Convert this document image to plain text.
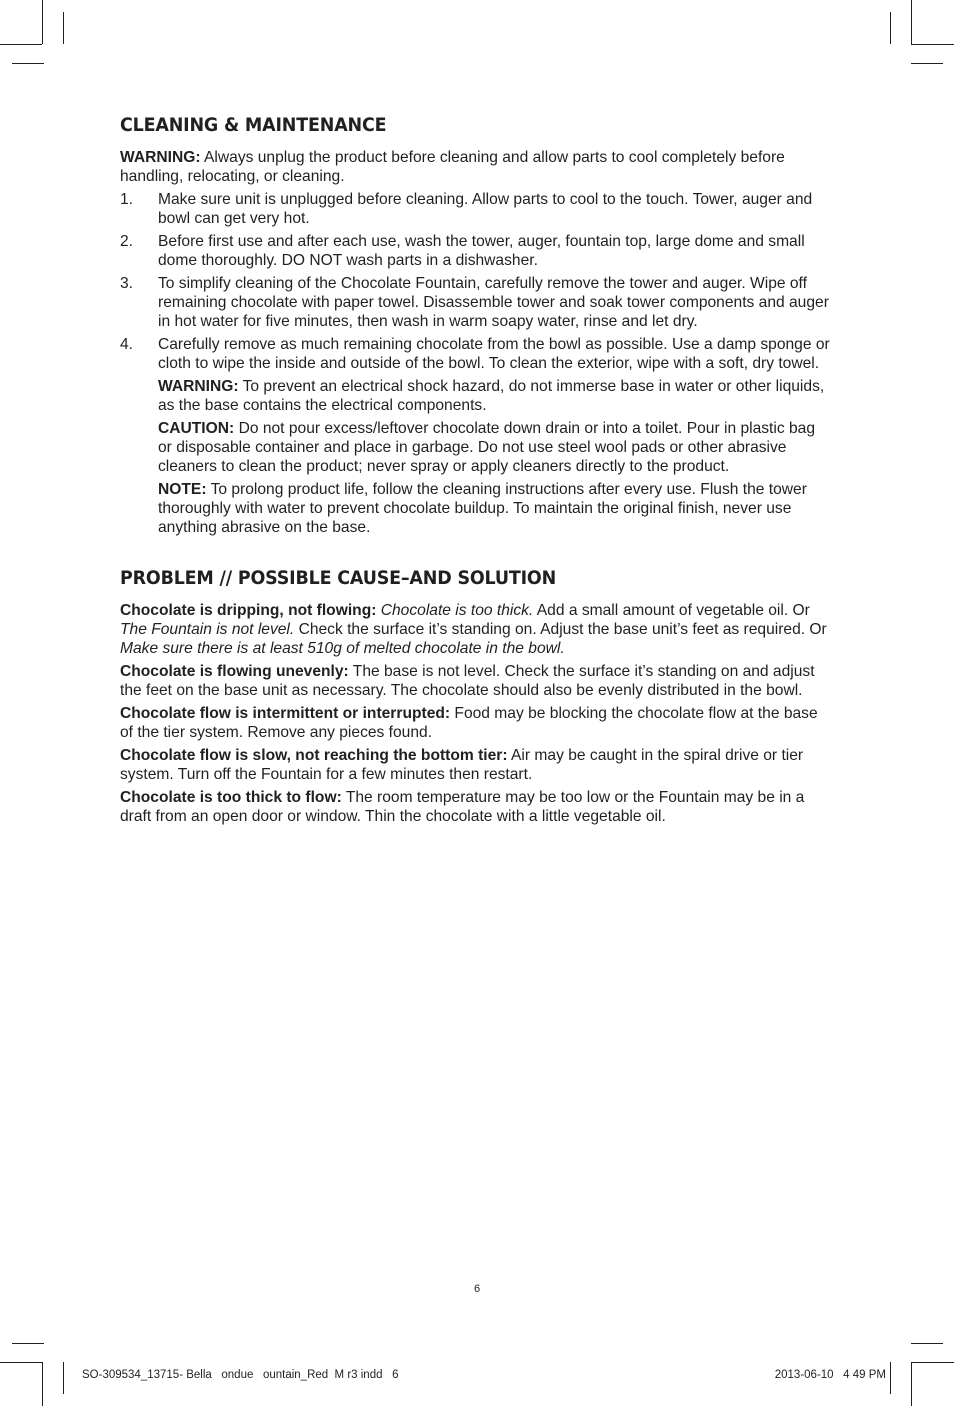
CLEANING & MAINTENANCE
WARNING: Always unplug the product before cleaning and allow parts to cool completely before handling, relocating, or cleaning.
1. Make sure unit is unplugged before cleaning. Allow parts to cool to the touch. Tower, auger and bowl can get very hot.
2. Before first use and after each use, wash the tower, auger, fountain top, large dome and small dome thoroughly. DO NOT wash parts in a dishwasher.
3. To simplify cleaning of the Chocolate Fountain, carefully remove the tower and auger. Wipe off remaining chocolate with paper towel. Disassemble tower and soak tower components and auger in hot water for five minutes, then wash in warm soapy water, rinse and let dry.
4. Carefully remove as much remaining chocolate from the bowl as possible. Use a damp sponge or cloth to wipe the inside and outside of the bowl. To clean the exterior, wipe with a soft, dry towel.
WARNING: To prevent an electrical shock hazard, do not immerse base in water or other liquids, as the base contains the electrical components.
CAUTION: Do not pour excess/leftover chocolate down drain or into a toilet. Pour in plastic bag or disposable container and place in garbage. Do not use steel wool pads or other abrasive cleaners to clean the product; never spray or apply cleaners directly to the product.
NOTE: To prolong product life, follow the cleaning instructions after every use. Flush the tower thoroughly with water to prevent chocolate buildup. To maintain the original finish, never use anything abrasive on the base.
PROBLEM // POSSIBLE CAUSE–AND SOLUTION
Chocolate is dripping, not flowing: Chocolate is too thick. Add a small amount of vegetable oil. Or The Fountain is not level. Check the surface it’s standing on. Adjust the base unit’s feet as required. Or Make sure there is at least 510g of melted chocolate in the bowl.
Chocolate is flowing unevenly: The base is not level. Check the surface it’s standing on and adjust the feet on the base unit as necessary. The chocolate should also be evenly distributed in the bowl.
Chocolate flow is intermittent or interrupted: Food may be blocking the chocolate flow at the base of the tier system. Remove any pieces found.
Chocolate flow is slow, not reaching the bottom tier: Air may be caught in the spiral drive or tier system. Turn off the Fountain for a few minutes then restart.
Chocolate is too thick to flow: The room temperature may be too low or the Fountain may be in a draft from an open door or window. Thin the chocolate with a little vegetable oil.
6
SO-309534_13715- Bella   ondue   ountain_Red  M r3 indd   6	2013-06-10   4 49 PM
